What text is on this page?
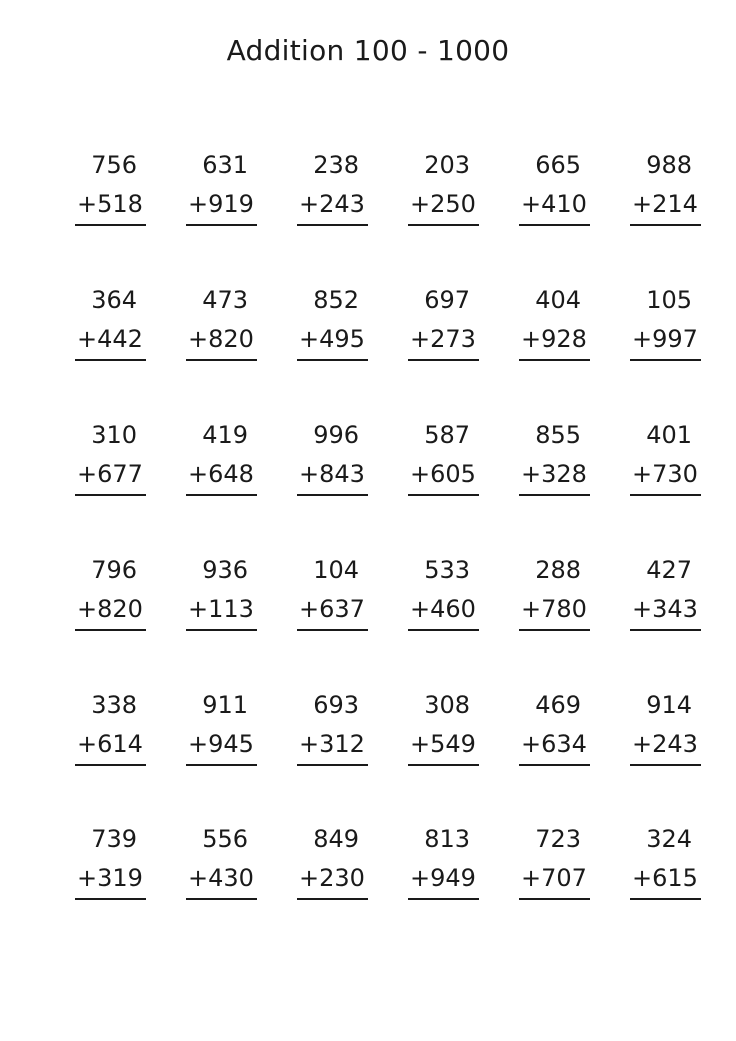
Addition 100 - 1000
756
+518
631
+919
238
+243
203
+250
665
+410
988
+214
364
+442
473
+820
852
+495
697
+273
404
+928
105
+997
310
+677
419
+648
996
+843
587
+605
855
+328
401
+730
796
+820
936
+113
104
+637
533
+460
288
+780
427
+343
338
+614
911
+945
693
+312
308
+549
469
+634
914
+243
739
+319
556
+430
849
+230
813
+949
723
+707
324
+615
